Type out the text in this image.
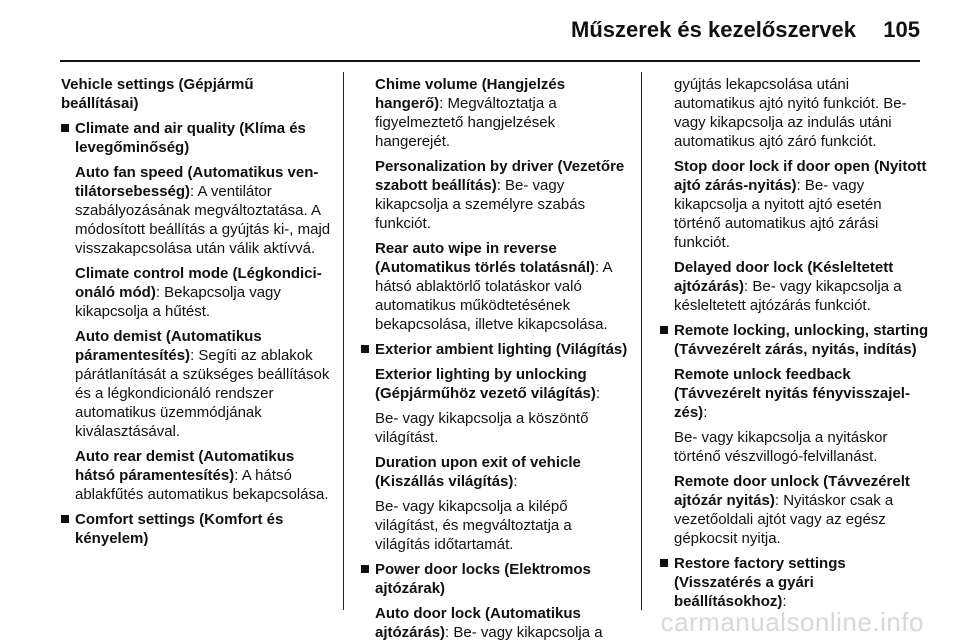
Műszerek és kezelőszervek 105
Vehicle settings (Gépjármű
beállításai)
Climate and air quality (Klíma és levegőminőség)
Auto fan speed (Automatikus ven-tilátorsebesség): A ventilátor szabályozásának megváltoztatása. A módosított beállítás a gyújtás ki-, majd visszakapcsolása után válik aktívvá.
Climate control mode (Légkondici-onáló mód): Bekapcsolja vagy kikapcsolja a hűtést.
Auto demist (Automatikus páramentesítés): Segíti az ablakok párátlanítását a szükséges beállítások és a légkondicionáló rendszer automatikus üzemmódjának kiválasztásával.
Auto rear demist (Automatikus hátsó páramentesítés): A hátsó ablakfűtés automatikus bekapcsolása.
Comfort settings (Komfort és kényelem)
Chime volume (Hangjelzés hangerő): Megváltoztatja a figyelmeztető hangjelzések hangerejét.
Personalization by driver (Vezetőre szabott beállítás): Be- vagy kikapcsolja a személyre szabás funkciót.
Rear auto wipe in reverse (Automatikus törlés tolatásnál): A hátsó ablaktörlő tolatáskor való automatikus működtetésének bekapcsolása, illetve kikapcsolása.
Exterior ambient lighting (Világítás)
Exterior lighting by unlocking (Gépjárműhöz vezető világítás):
Be- vagy kikapcsolja a köszöntő világítást.
Duration upon exit of vehicle (Kiszállás világítás):
Be- vagy kikapcsolja a kilépő világítást, és megváltoztatja a világítás időtartamát.
Power door locks (Elektromos ajtózárak)
Auto door lock (Automatikus ajtózárás): Be- vagy kikapcsolja a
gyújtás lekapcsolása utáni automatikus ajtó nyitó funkciót. Be- vagy kikapcsolja az indulás utáni automatikus ajtó záró funkciót.
Stop door lock if door open (Nyitott ajtó zárás-nyitás): Be- vagy kikapcsolja a nyitott ajtó esetén történő automatikus ajtó zárási funkciót.
Delayed door lock (Késleltetett ajtózárás): Be- vagy kikapcsolja a késleltetett ajtózárás funkciót.
Remote locking, unlocking, starting (Távvezérelt zárás, nyitás, indítás)
Remote unlock feedback (Távvezérelt nyitás fényvisszajel-zés):
Be- vagy kikapcsolja a nyitáskor történő vészvillogó-felvillanást.
Remote door unlock (Távvezérelt ajtózár nyitás): Nyitáskor csak a vezetőoldali ajtót vagy az egész gépkocsit nyitja.
Restore factory settings (Visszatérés a gyári beállításokhoz):
carmanualsonline.info
